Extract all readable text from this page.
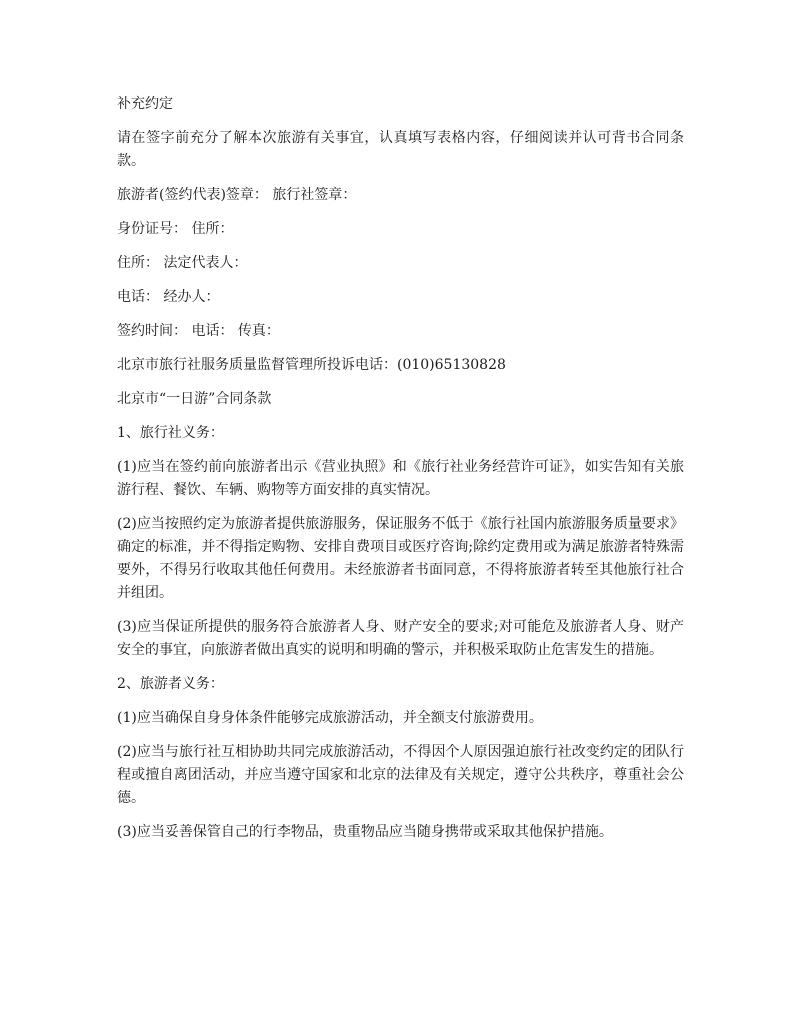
补充约定

请在签字前充分了解本次旅游有关事宜，认真填写表格内容，仔细阅读并认可背书合同条款。

旅游者(签约代表)签章： 旅行社签章：

身份证号： 住所：

住所： 法定代表人：

电话： 经办人：

签约时间： 电话： 传真：

北京市旅行社服务质量监督管理所投诉电话：(010)65130828

北京市“一日游”合同条款

1、旅行社义务：

(1)应当在签约前向旅游者出示《营业执照》和《旅行社业务经营许可证》，如实告知有关旅游行程、餐饮、车辆、购物等方面安排的真实情况。

(2)应当按照约定为旅游者提供旅游服务，保证服务不低于《旅行社国内旅游服务质量要求》确定的标准，并不得指定购物、安排自费项目或医疗咨询;除约定费用或为满足旅游者特殊需要外，不得另行收取其他任何费用。未经旅游者书面同意，不得将旅游者转至其他旅行社合并组团。

(3)应当保证所提供的服务符合旅游者人身、财产安全的要求;对可能危及旅游者人身、财产安全的事宜，向旅游者做出真实的说明和明确的警示，并积极采取防止危害发生的措施。

2、旅游者义务：

(1)应当确保自身身体条件能够完成旅游活动，并全额支付旅游费用。

(2)应当与旅行社互相协助共同完成旅游活动，不得因个人原因强迫旅行社改变约定的团队行程或擅自离团活动，并应当遵守国家和北京的法律及有关规定，遵守公共秩序，尊重社会公德。

(3)应当妥善保管自己的行李物品，贵重物品应当随身携带或采取其他保护措施。
